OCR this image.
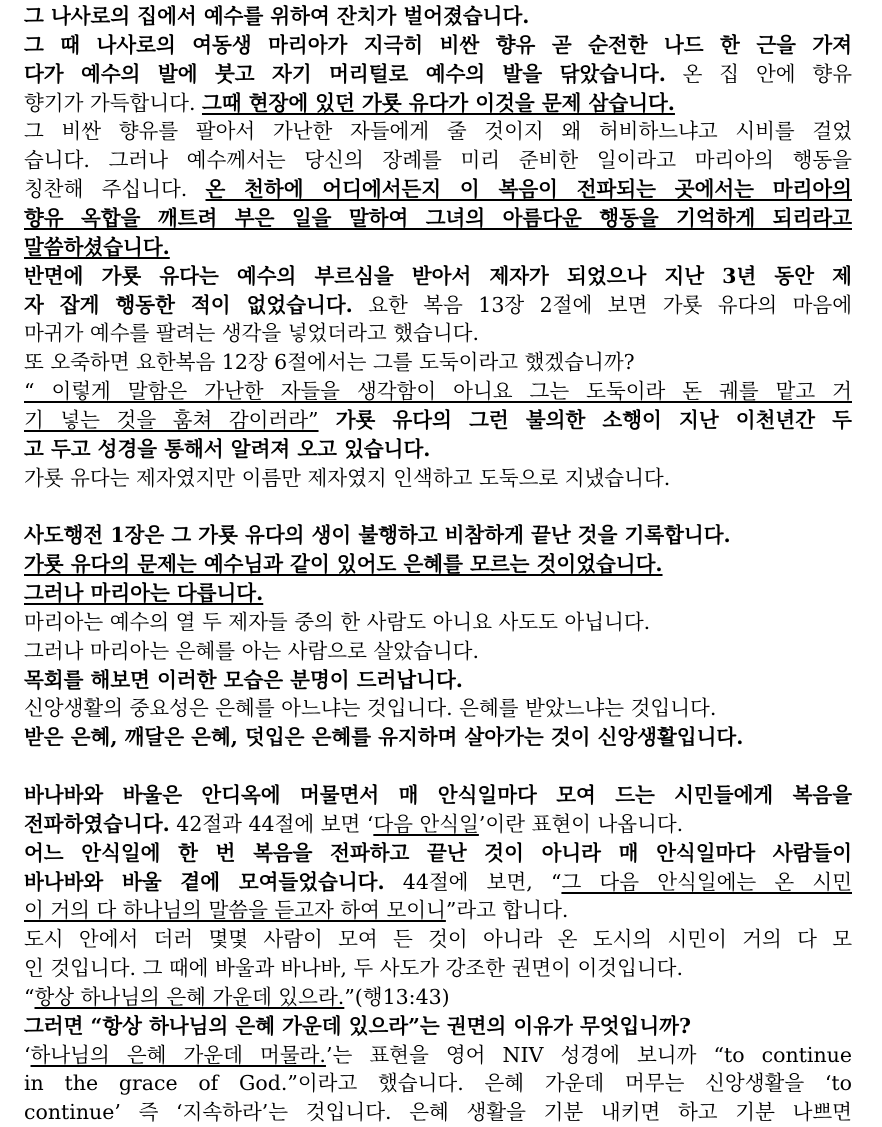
그 나사로의 집에서 예수를 위하여 잔치가 벌어졌습니다.
그 때 나사로의 여동생 마리아가 지극히 비싼 향유 곧 순전한 나드 한 근을 가져
다가 예수의 발에 붓고 자기 머리털로 예수의 발을 닦았습니다. 온 집 안에 향유
향기가 가득합니다. 그때 현장에 있던 가룟 유다가 이것을 문제 삼습니다.
그 비싼 향유를 팔아서 가난한 자들에게 줄 것이지 왜 허비하느냐고 시비를 걸었
습니다. 그러나 예수께서는 당신의 장례를 미리 준비한 일이라고 마리아의 행동을
칭찬해 주십니다. 온 천하에 어디에서든지 이 복음이 전파되는 곳에서는 마리아의
향유 옥합을 깨트려 부은 일을 말하여 그녀의 아름다운 행동을 기억하게 되리라고
말씀하셨습니다.
반면에 가룟 유다는 예수의 부르심을 받아서 제자가 되었으나 지난 3년 동안 제
자 잡게 행동한 적이 없었습니다. 요한 복음 13장 2절에 보면 가룟 유다의 마음에
마귀가 예수를 팔려는 생각을 넣었더라고 했습니다.
또 오죽하면 요한복음 12장 6절에서는 그를 도둑이라고 했겠습니까?
“ 이렇게 말함은 가난한 자들을 생각함이 아니요 그는 도둑이라 돈 궤를 맡고 거
기 넣는 것을 훔쳐 감이러라” 가룟 유다의 그런 불의한 소행이 지난 이천년간 두
고 두고 성경을 통해서 알려져 오고 있습니다.
가룟 유다는 제자였지만 이름만 제자였지 인색하고 도둑으로 지냈습니다.
사도행전 1장은 그 가룟 유다의 생이 불행하고 비참하게 끝난 것을 기록합니다.
가룟 유다의 문제는 예수님과 같이 있어도 은혜를 모르는 것이었습니다.
그러나 마리아는 다릅니다.
마리아는 예수의 열 두 제자들 중의 한 사람도 아니요 사도도 아닙니다.
그러나 마리아는 은혜를 아는 사람으로 살았습니다.
목회를 해보면 이러한 모습은 분명이 드러납니다.
신앙생활의 중요성은 은혜를 아느냐는 것입니다. 은혜를 받았느냐는 것입니다.
받은 은혜, 깨달은 은혜, 덧입은 은혜를 유지하며 살아가는 것이 신앙생활입니다.
바나바와 바울은 안디옥에 머물면서 매 안식일마다 모여 드는 시민들에게 복음을
전파하였습니다. 42절과 44절에 보면 ‘다음 안식일’이란 표현이 나옵니다.
어느 안식일에 한 번 복음을 전파하고 끝난 것이 아니라 매 안식일마다 사람들이
바나바와 바울 곁에 모여들었습니다. 44절에 보면, “그 다음 안식일에는 온 시민
이 거의 다 하나님의 말씀을 듣고자 하여 모이니”라고 합니다.
도시 안에서 더러 몇몇 사람이 모여 든 것이 아니라 온 도시의 시민이 거의 다 모
인 것입니다. 그 때에 바울과 바나바, 두 사도가 강조한 권면이 이것입니다.
“항상 하나님의 은혜 가운데 있으라.”(행13:43)
그러면 “항상 하나님의 은혜 가운데 있으라”는 권면의 이유가 무엇입니까?
‘하나님의 은혜 가운데 머물라.’는 표현을 영어 NIV 성경에 보니까 “to continue
in the grace of God.”이라고 했습니다. 은혜 가운데 머무는 신앙생활을 ‘to
continue’ 즉 ‘지속하라’는 것입니다. 은혜 생활을 기분 내키면 하고 기분 나쁘면
